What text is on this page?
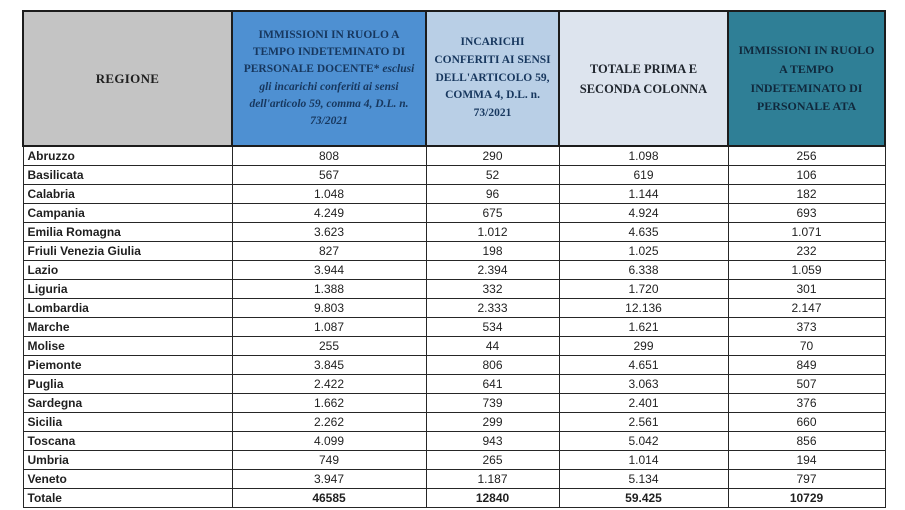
REGIONE	IMMISSIONI IN RUOLO A TEMPO INDETEMINATO DI PERSONALE DOCENTE* esclusi gli incarichi conferiti ai sensi dell'articolo 59, comma 4, D.L. n. 73/2021	INCARICHI CONFERITI AI SENSI DELL'ARTICOLO 59, COMMA 4, D.L. n. 73/2021	TOTALE PRIMA E SECONDA COLONNA	IMMISSIONI IN RUOLO A TEMPO INDETEMINATO DI PERSONALE ATA
Abruzzo	808	290	1.098	256
Basilicata	567	52	619	106
Calabria	1.048	96	1.144	182
Campania	4.249	675	4.924	693
Emilia Romagna	3.623	1.012	4.635	1.071
Friuli Venezia Giulia	827	198	1.025	232
Lazio	3.944	2.394	6.338	1.059
Liguria	1.388	332	1.720	301
Lombardia	9.803	2.333	12.136	2.147
Marche	1.087	534	1.621	373
Molise	255	44	299	70
Piemonte	3.845	806	4.651	849
Puglia	2.422	641	3.063	507
Sardegna	1.662	739	2.401	376
Sicilia	2.262	299	2.561	660
Toscana	4.099	943	5.042	856
Umbria	749	265	1.014	194
Veneto	3.947	1.187	5.134	797
Totale	46585	12840	59.425	10729
